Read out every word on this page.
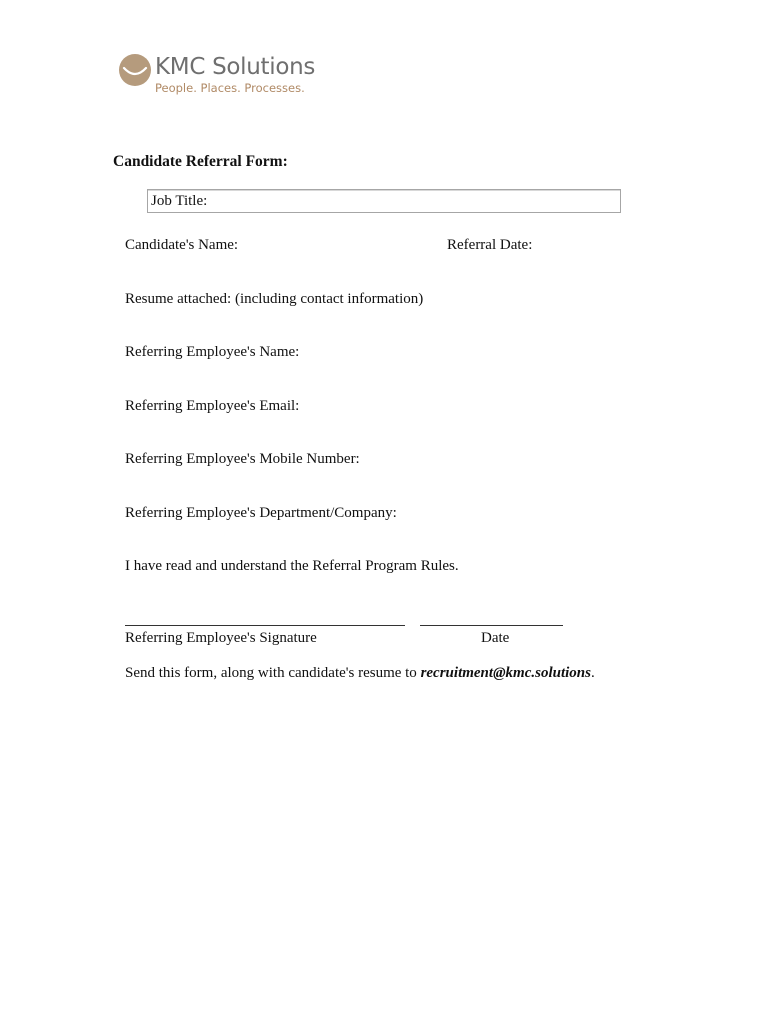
KMC Solutions
People. Places. Processes.
Candidate Referral Form:
Job Title:
Candidate's Name:	Referral Date:
Resume attached: (including contact information)
Referring Employee's Name:
Referring Employee's Email:
Referring Employee's Mobile Number:
Referring Employee's Department/Company:
I have read and understand the Referral Program Rules.
Referring Employee's Signature	Date
Send this form, along with candidate's resume to recruitment@kmc.solutions.
